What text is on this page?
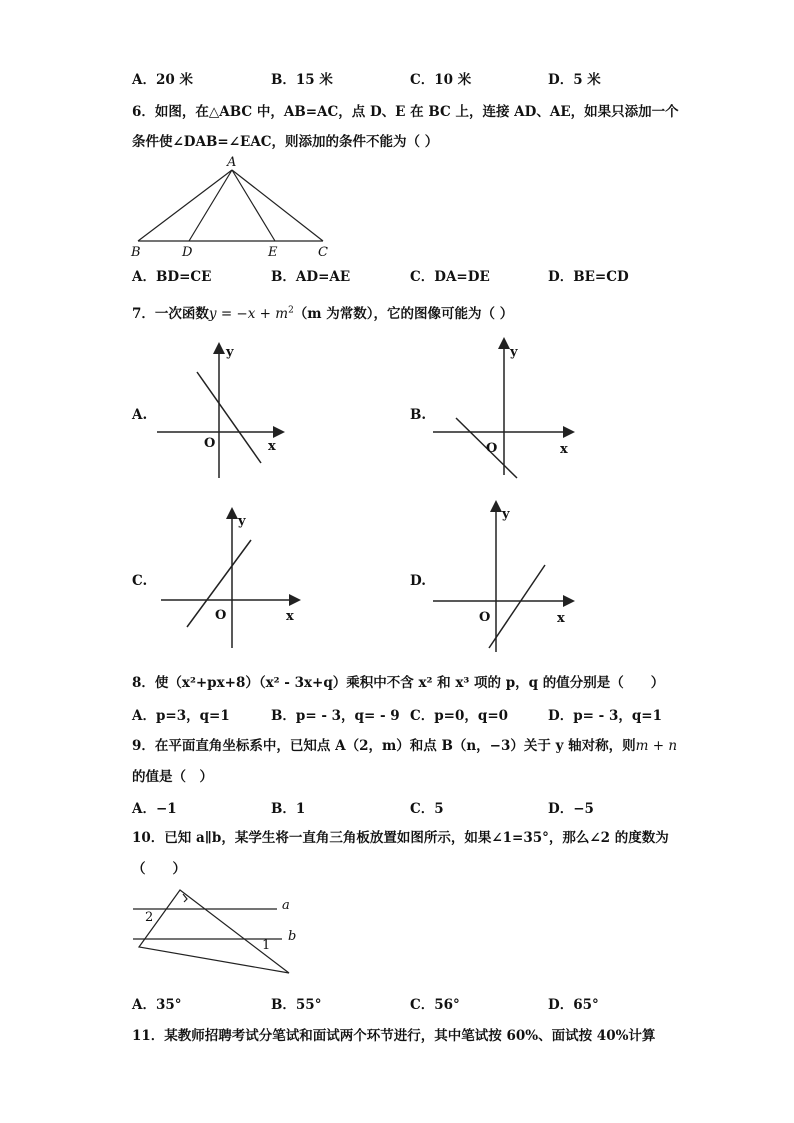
A．20 米	B．15 米	C．10 米	D．5 米
6．如图，在△ABC 中，AB=AC，点 D、E 在 BC 上，连接 AD、AE，如果只添加一个
条件使∠DAB=∠EAC，则添加的条件不能为（ ）
A
B	D	E	C
A．BD=CE	B．AD=AE	C．DA=DE	D．BE=CD
7．一次函数$y = -x + m^2(m$ 为常数），它的图像可能为（ ）
A.	B.
C.	D.
y
x
O
y
x
O
y
x
O
y
x
O
8．使（x²+px+8）（x² - 3x+q）乘积中不含 x² 和 x³ 项的 p，q 的值分别是（　　）
A．p=3，q=1	B．p= - 3，q= - 9 C．p=0，q=0	D．p= - 3，q=1
9．在平面直角坐标系中，已知点 A（2，m）和点 B（n，−3）关于 y 轴对称，则m + n
的值是（　）
A．−1	B．1	C．5	D．−5
10．已知 a∥b，某学生将一直角三角板放置如图所示，如果∠1=35°，那么∠2 的度数为
（　　）
a
b
1
2
A．35°	B．55°	C．56°	D．65°
11．某教师招聘考试分笔试和面试两个环节进行，其中笔试按 60%、面试按 40%计算
